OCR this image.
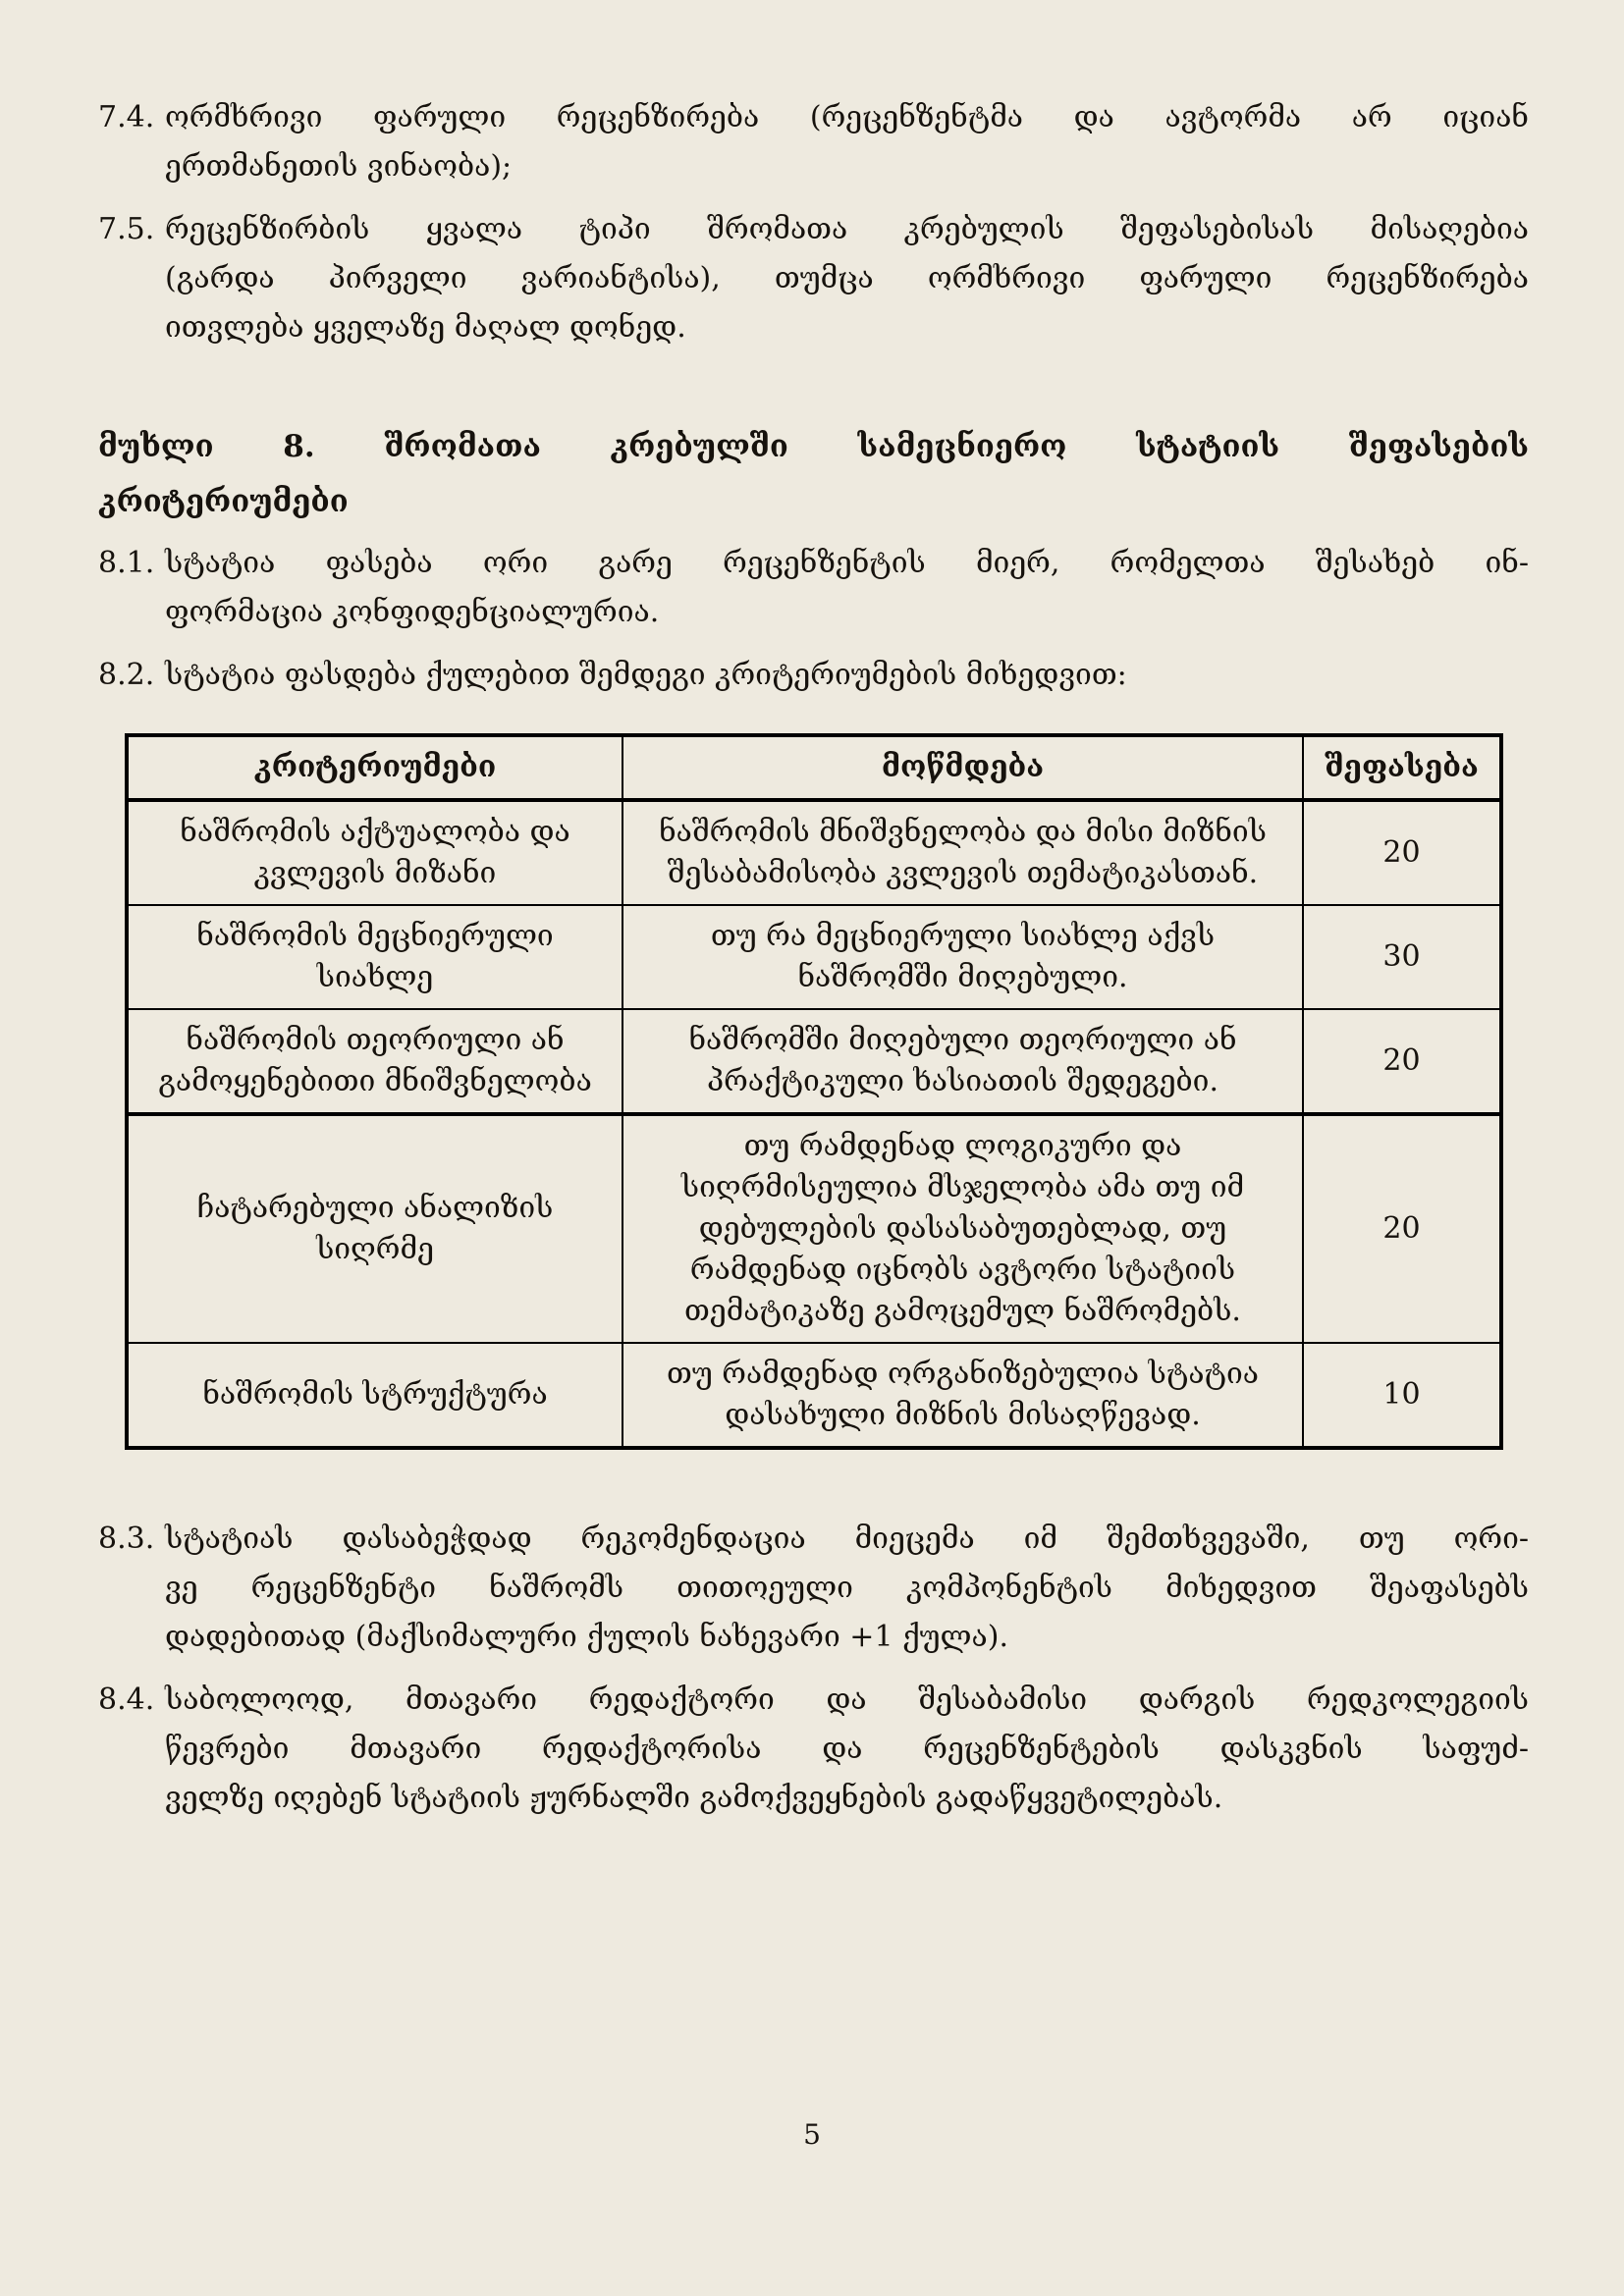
7.4. ორმხრივი ფარული რეცენზირება (რეცენზენტმა და ავტორმა არ იციან
ერთმანეთის ვინაობა);
7.5. რეცენზირბის ყვალა ტიპი შრომათა კრებულის შეფასებისას მისაღებია
(გარდა პირველი ვარიანტისა), თუმცა ორმხრივი ფარული რეცენზირება
ითვლება ყველაზე მაღალ დონედ.
მუხლი 8. შრომათა კრებულში სამეცნიერო სტატიის შეფასების
კრიტერიუმები
8.1. სტატია ფასება ორი გარე რეცენზენტის მიერ, რომელთა შესახებ ინ-
ფორმაცია კონფიდენციალურია.
8.2. სტატია ფასდება ქულებით შემდეგი კრიტერიუმების მიხედვით:
კრიტერიუმები	მოწმდება	შეფასება
ნაშრომის აქტუალობა და კვლევის მიზანი	ნაშრომის მნიშვნელობა და მისი მიზნის შესაბამისობა კვლევის თემატიკასთან.	20
ნაშრომის მეცნიერული სიახლე	თუ რა მეცნიერული სიახლე აქვს ნაშრომში მიღებული.	30
ნაშრომის თეორიული ან გამოყენებითი მნიშვნელობა	ნაშრომში მიღებული თეორიული ან პრაქტიკული ხასიათის შედეგები.	20
ჩატარებული ანალიზის სიღრმე	თუ რამდენად ლოგიკური და სიღრმისეულია მსჯელობა ამა თუ იმ დებულების დასასაბუთებლად, თუ რამდენად იცნობს ავტორი სტატიის თემატიკაზე გამოცემულ ნაშრომებს.	20
ნაშრომის სტრუქტურა	თუ რამდენად ორგანიზებულია სტატია დასახული მიზნის მისაღწევად.	10
8.3. სტატიას დასაბეჭდად რეკომენდაცია მიეცემა იმ შემთხვევაში, თუ ორი-
ვე რეცენზენტი ნაშრომს თითოეული კომპონენტის მიხედვით შეაფასებს
დადებითად (მაქსიმალური ქულის ნახევარი +1 ქულა).
8.4. საბოლოოდ, მთავარი რედაქტორი და შესაბამისი დარგის რედკოლეგიის
წევრები მთავარი რედაქტორისა და რეცენზენტების დასკვნის საფუძ-
ველზე იღებენ სტატიის ჟურნალში გამოქვეყნების გადაწყვეტილებას.
5
